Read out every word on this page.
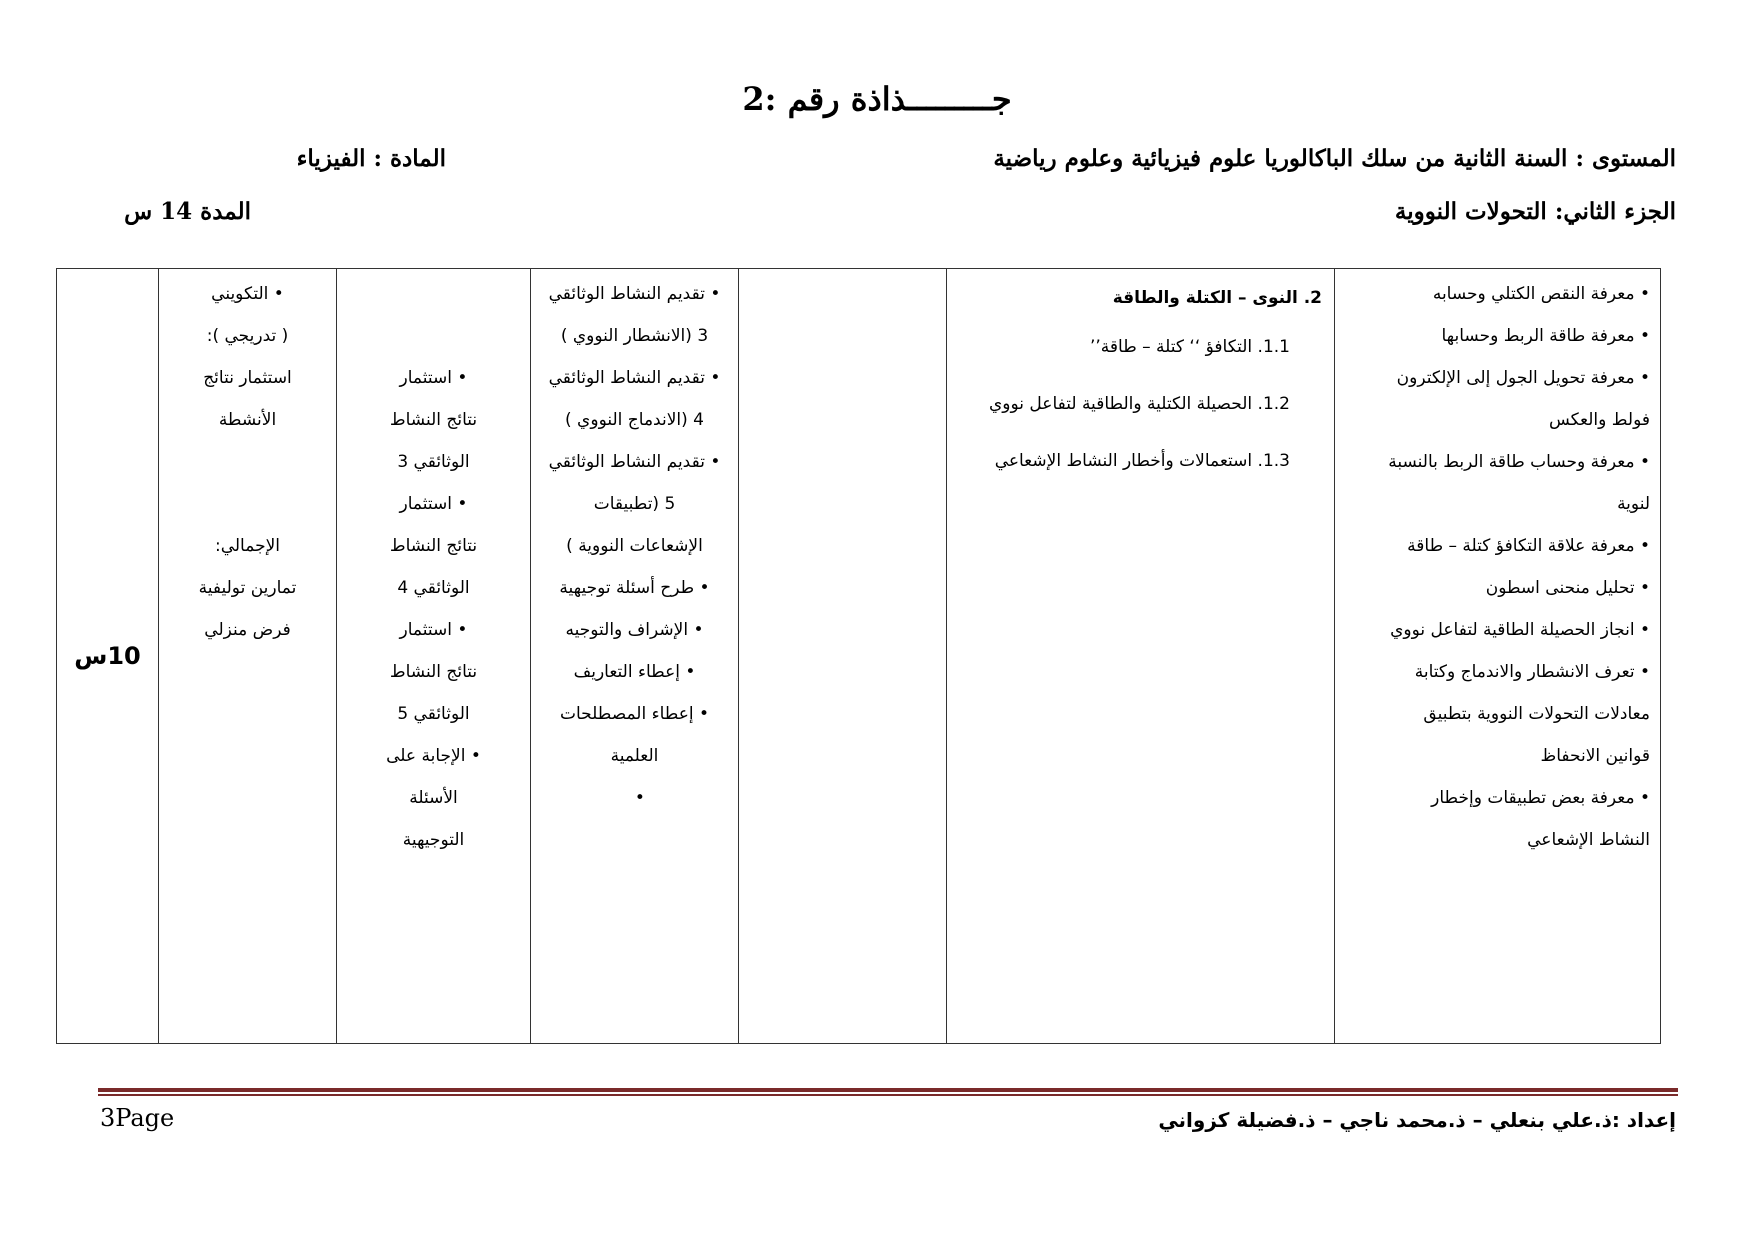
جـــــــــذاذة رقم :2
المستوى : السنة الثانية من سلك الباكالوريا علوم فيزيائية وعلوم رياضية
المادة : الفيزياء
الجزء الثاني: التحولات النووية
المدة 14 س
• معرفة النقص الكتلي وحسابه
• معرفة طاقة الربط وحسابها
• معرفة تحويل الجول إلى الإلكترون
فولط والعكس
• معرفة وحساب طاقة الربط بالنسبة
لنوية
• معرفة علاقة التكافؤ كتلة – طاقة
• تحليل منحنى اسطون
• انجاز الحصيلة الطاقية لتفاعل نووي
• تعرف الانشطار والاندماج وكتابة
معادلات التحولات النووية بتطبيق
قوانين الانحفاظ
• معرفة بعض تطبيقات وإخطار
النشاط الإشعاعي

2. النوى – الكتلة والطاقة
1.1. التكافؤ ‘‘ كتلة – طاقة’’
1.2. الحصيلة الكتلية والطاقية لتفاعل نووي
1.3. استعمالات وأخطار النشاط الإشعاعي

• تقديم النشاط الوثائقي
3 (الانشطار النووي )
• تقديم النشاط الوثائقي
4 (الاندماج النووي )
• تقديم النشاط الوثائقي
5 (تطبيقات
الإشعاعات النووية )
• طرح أسئلة توجيهية
• الإشراف والتوجيه
• إعطاء التعاريف
• إعطاء المصطلحات
العلمية
•

• استثمار
نتائج النشاط
الوثائقي 3
• استثمار
نتائج النشاط
الوثائقي 4
• استثمار
نتائج النشاط
الوثائقي 5
• الإجابة على
الأسئلة
التوجيهية

• التكويني
( تدريجي ):
استثمار نتائج
الأنشطة

الإجمالي:
تمارين توليفية
فرض منزلي
	10س
إعداد :ذ.علي بنعلي – ذ.محمد ناجي – ذ.فضيلة كزواني
3Page
